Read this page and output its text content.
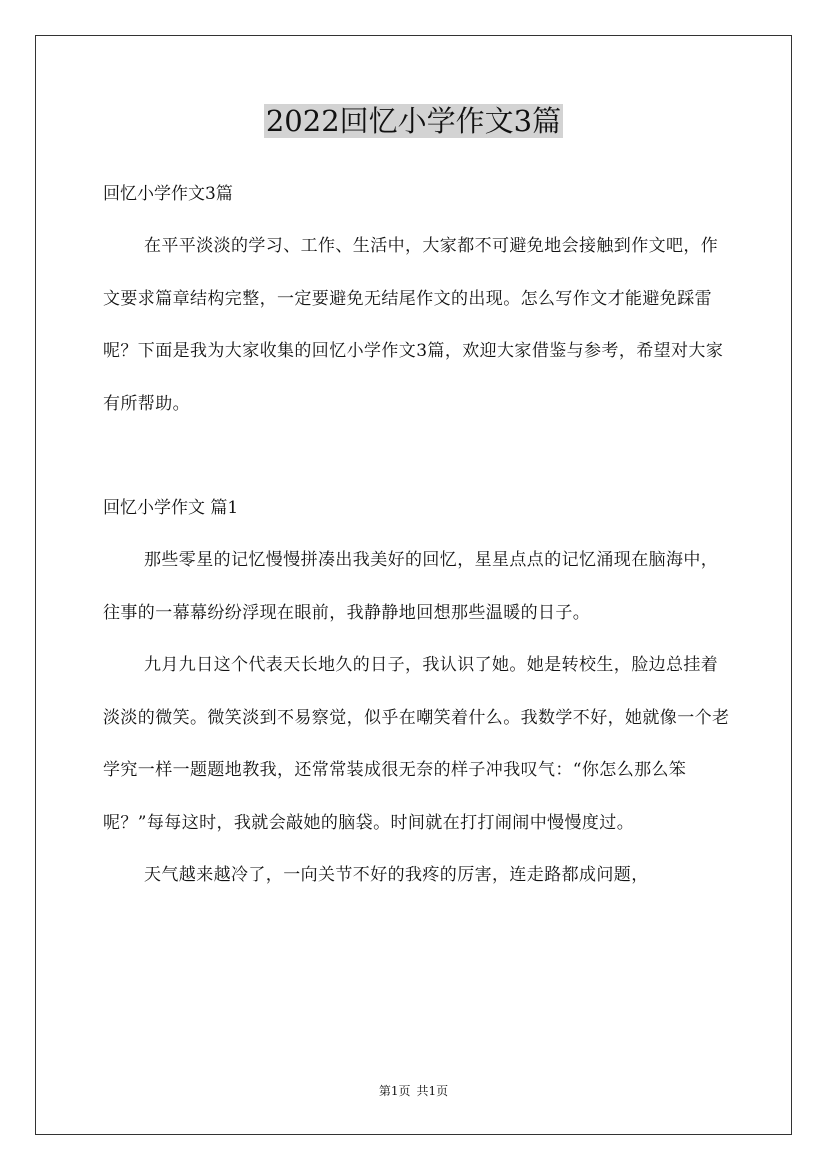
2022回忆小学作文3篇

回忆小学作文3篇

在平平淡淡的学习、工作、生活中，大家都不可避免地会接触到作文吧，作文要求篇章结构完整，一定要避免无结尾作文的出现。怎么写作文才能避免踩雷呢？下面是我为大家收集的回忆小学作文3篇，欢迎大家借鉴与参考，希望对大家有所帮助。

回忆小学作文 篇1

那些零星的记忆慢慢拼凑出我美好的回忆，星星点点的记忆涌现在脑海中，往事的一幕幕纷纷浮现在眼前，我静静地回想那些温暖的日子。

九月九日这个代表天长地久的日子，我认识了她。她是转校生，脸边总挂着淡淡的微笑。微笑淡到不易察觉，似乎在嘲笑着什么。我数学不好，她就像一个老学究一样一题题地教我，还常常装成很无奈的样子冲我叹气：“你怎么那么笨呢？”每每这时，我就会敲她的脑袋。时间就在打打闹闹中慢慢度过。

天气越来越冷了，一向关节不好的我疼的厉害，连走路都成问题，

第1页 共1页
